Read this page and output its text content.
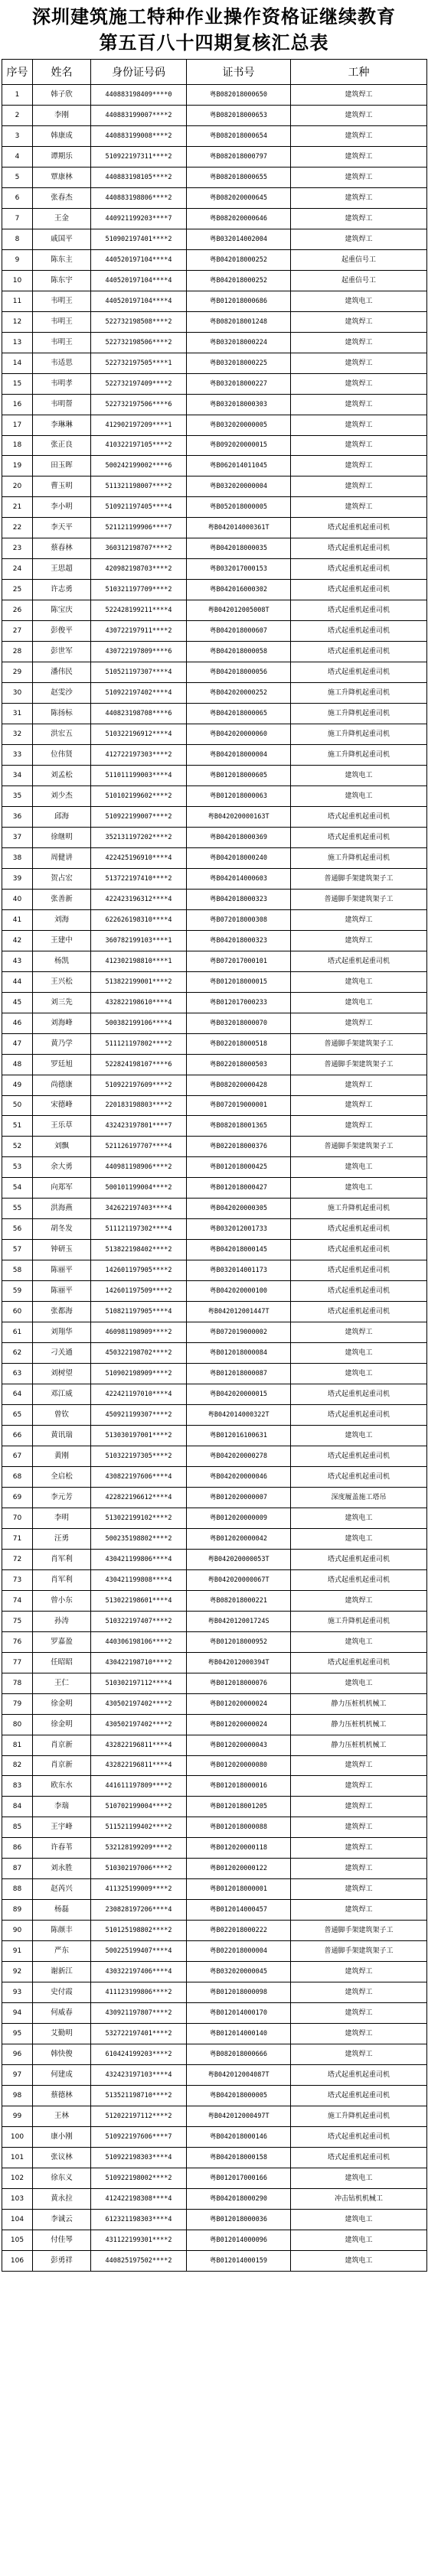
深圳建筑施工特种作业操作资格证继续教育
第五百八十四期复核汇总表
序号	姓名	身份证号码	证书号	工种
1	韩子欣	440883198409****0	粤B082018000650	建筑焊工
2	李刚	440883199007****2	粤B082018000653	建筑焊工
3	韩康成	440883199008****2	粤B082018000654	建筑焊工
4	谭期乐	510922197311****2	粤B082018000797	建筑焊工
5	覃康林	440883198105****2	粤B082018000655	建筑焊工
6	张春杰	440883198806****2	粤B082020000645	建筑焊工
7	王金	440921199203****7	粤B082020000646	建筑焊工
8	戚国平	510902197401****2	粤B032014002004	建筑焊工
9	陈东主	440520197104****4	粤B042018000252	起重信号工
10	陈东宇	440520197104****4	粤B042018000252	起重信号工
11	韦明王	440520197104****4	粤B012018000686	建筑电工
12	韦明王	522732198508****2	粤B082018001248	建筑焊工
13	韦明王	522732198506****2	粤B032018000224	建筑焊工
14	韦适思	522732197505****1	粤B032018000225	建筑焊工
15	韦明孝	522732197409****2	粤B032018000227	建筑焊工
16	韦明帮	522732197506****6	粤B032018000303	建筑焊工
17	李琳琳	412902197209****1	粤B032020000005	建筑焊工
18	张正良	410322197105****2	粤B092020000015	建筑焊工
19	田玉晖	500242199002****6	粤B062014011045	建筑焊工
20	曹玉明	511321198007****2	粤B032020000004	建筑焊工
21	李小明	510921197405****4	粤B052018000005	建筑焊工
22	李天平	521121199906****7	粤B042014000361T	塔式起重机起重司机
23	蔡春林	360312198707****2	粤B042018000035	塔式起重机起重司机
24	王思超	420982198703****2	粤B032017000153	塔式起重机起重司机
25	许志勇	510321197709****2	粤B042016000302	塔式起重机起重司机
26	陈宝庆	522428199211****4	粤B042012005008T	塔式起重机起重司机
27	彭俊平	430722197911****2	粤B042018000607	塔式起重机起重司机
28	彭世军	430722197809****6	粤B042018000058	塔式起重机起重司机
29	潘伟民	510521197307****4	粤B042018000056	塔式起重机起重司机
30	赵雯沙	510922197402****4	粤B042020000252	施工升降机起重司机
31	陈扬标	440823198708****6	粤B042018000065	施工升降机起重司机
32	洪宏五	510322196912****4	粤B042020000060	施工升降机起重司机
33	位伟贤	412722197303****2	粤B042018000004	施工升降机起重司机
34	刘孟松	511011199003****4	粤B012018000605	建筑电工
35	刘少杰	510102199602****2	粤B012018000063	建筑电工
36	邱海	510922199007****2	粤B042020000163T	塔式起重机起重司机
37	徐继明	352131197202****2	粤B042018000369	塔式起重机起重司机
38	周健讲	422425196910****4	粤B042018000240	施工升降机起重司机
39	贺占宏	513722197410****2	粤B042014000603	普通脚手架建筑架子工
40	张善新	422423196312****4	粤B042018000323	普通脚手架建筑架子工
41	刘海	622626198310****4	粤B072018000308	建筑焊工
42	王建中	360782199103****1	粤B042018000323	建筑焊工
43	杨凯	412302198810****1	粤B072017000101	塔式起重机起重司机
44	王兴松	513822199001****2	粤B012018000015	建筑电工
45	刘三先	432822198610****4	粤B012017000233	建筑电工
46	刘海峰	500382199106****4	粤B032018000070	建筑焊工
47	黄乃学	511121197802****2	粤B022018000518	普通脚手架建筑架子工
48	罗廷旭	522824198107****6	粤B022018000503	普通脚手架建筑架子工
49	尚德康	510922197609****2	粤B082020000428	建筑焊工
50	宋德峰	220183198803****2	粤B072019000001	建筑焊工
51	王乐草	432423197801****7	粤B082018001365	建筑焊工
52	刘飘	521126197707****4	粤B022018000376	普通脚手架建筑架子工
53	余大勇	440981198906****2	粤B012018000425	建筑电工
54	向郑军	500101199004****2	粤B012018000427	建筑电工
55	洪海燕	342622197403****4	粤B042020000305	施工升降机起重司机
56	胡冬发	511121197302****4	粤B032012001733	塔式起重机起重司机
57	钟研玉	513822198402****2	粤B042018000145	塔式起重机起重司机
58	陈丽平	142601197905****2	粤B032014001173	塔式起重机起重司机
59	陈丽平	142601197509****2	粤B042020000100	塔式起重机起重司机
60	张都海	510821197905****4	粤B042012001447T	塔式起重机起重司机
61	刘翔华	460981198909****2	粤B072019000002	建筑焊工
62	刁关通	450322198702****2	粤B012018000084	建筑电工
63	刘树望	510902198909****2	粤B012018000087	建筑电工
64	邓江威	422421197010****4	粤B042020000015	塔式起重机起重司机
65	曾钦	450921199307****2	粤B042014000322T	塔式起重机起重司机
66	黄讯瑞	513030197001****2	粤B012016100631	建筑电工
67	黄刚	510322197305****2	粤B042020000278	塔式起重机起重司机
68	全启松	430822197606****4	粤B042020000046	塔式起重机起重司机
69	李元芳	422822196612****4	粤B012020000007	深度履盖施工塔吊
70	李明	513022199102****2	粤B012020000009	建筑电工
71	汪勇	500235198802****2	粤B012020000042	建筑电工
72	肖军利	430421199806****4	粤B042020000053T	塔式起重机起重司机
73	肖军利	430421199808****4	粤B042020000067T	塔式起重机起重司机
74	曾小东	513022198601****4	粤B082018000221	建筑焊工
75	孙涛	510322197407****2	粤B042012001724S	施工升降机起重司机
76	罗嘉盈	440306198106****2	粤B012018000952	建筑电工
77	任昭昭	430422198710****2	粤B042012000394T	塔式起重机起重司机
78	王仁	510302197112****4	粤B012018000076	建筑电工
79	徐金明	430502197402****2	粤B012020000024	静力压桩机机械工
80	徐金明	430502197402****2	粤B012020000024	静力压桩机机械工
81	肖京新	432822196811****4	粤B012020000043	静力压桩机机械工
82	肖京新	432822196811****4	粤B012020000080	建筑焊工
83	欧东水	441611197809****2	粤B012018000016	建筑焊工
84	李瑞	510702199004****2	粤B012018001205	建筑焊工
85	王宇峰	511521199402****2	粤B012018000088	建筑焊工
86	许春苇	532128199209****2	粤B012020000118	建筑焊工
87	刘永胜	510302197006****2	粤B012020000122	建筑焊工
88	赵芮兴	411325199009****2	粤B012018000001	建筑焊工
89	杨磊	230828197206****4	粤B012014000457	建筑焊工
90	陈颜丰	510125198802****2	粤B022018000222	普通脚手架建筑架子工
91	严东	500225199407****4	粤B022018000004	普通脚手架建筑架子工
92	谢新江	430322197406****4	粤B032020000045	建筑焊工
93	史付霞	411123199806****2	粤B012018000098	建筑焊工
94	何威春	430921197807****2	粤B012014000170	建筑焊工
95	艾勤明	532722197401****2	粤B012014000140	建筑焊工
96	韩快俊	610424199203****2	粤B082018000666	建筑焊工
97	何建成	432423197103****4	粤B042012004087T	塔式起重机起重司机
98	蔡德林	513521198710****2	粤B042018000005	塔式起重机起重司机
99	王林	512022197112****2	粤B042012000497T	施工升降机起重司机
100	康小刚	510922197606****7	粤B042018000146	塔式起重机起重司机
101	张议林	510922198303****4	粤B042018000158	塔式起重机起重司机
102	徐东义	510922198002****2	粤B012017000166	建筑电工
103	黄永拉	412422198308****4	粤B042018000290	冲击钻机机械工
104	李诚云	612321198303****4	粤B012018000036	建筑电工
105	付佳琴	431122199301****2	粤B012014000096	建筑电工
106	彭勇祥	440825197502****2	粤B012014000159	建筑电工
